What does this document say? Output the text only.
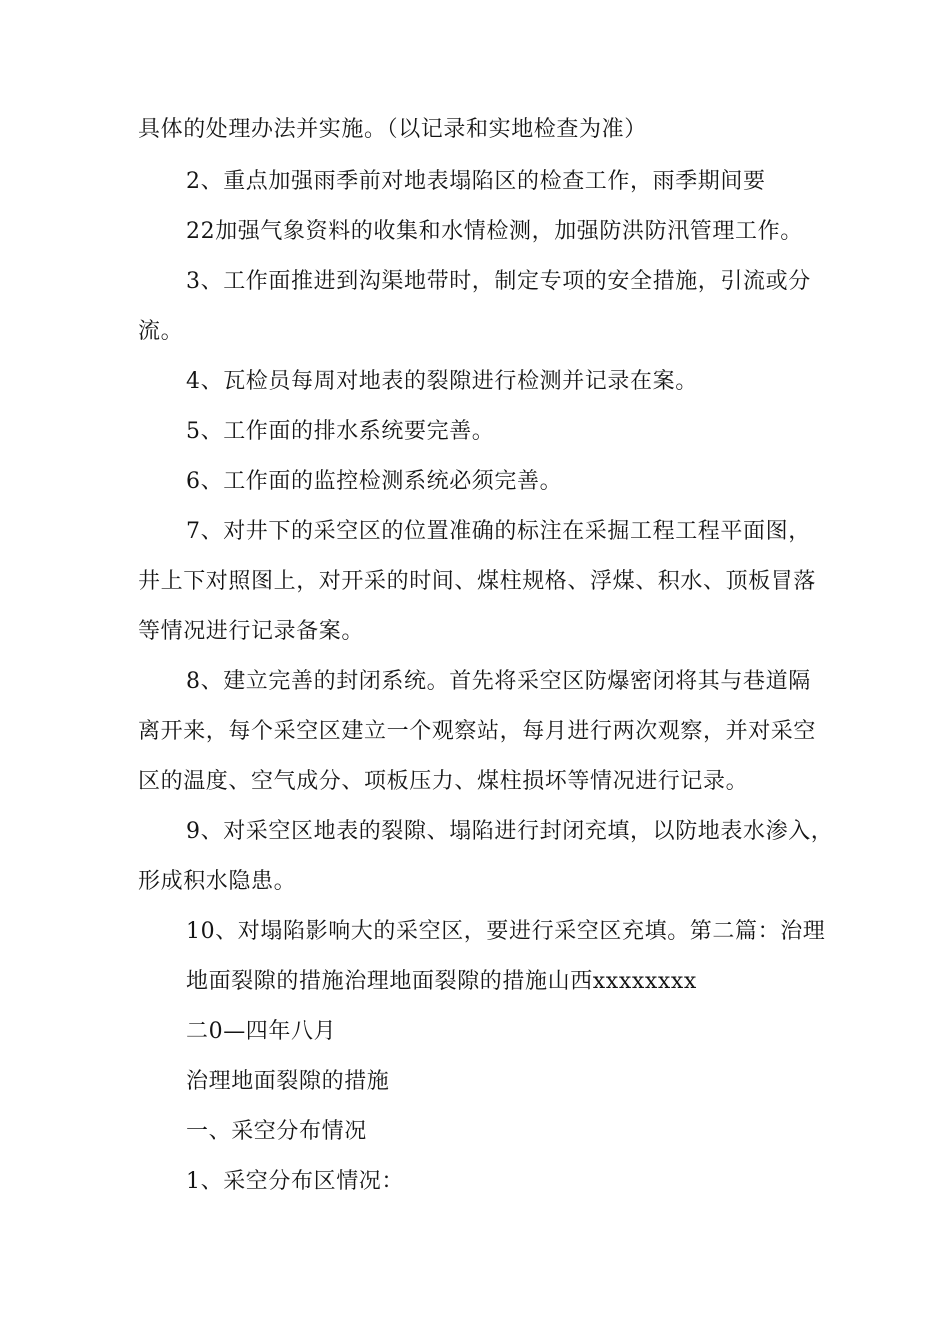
具体的处理办法并实施。（以记录和实地检查为准）

2、重点加强雨季前对地表塌陷区的检查工作，雨季期间要

22加强气象资料的收集和水情检测，加强防洪防汛管理工作。

3、工作面推进到沟渠地带时，制定专项的安全措施，引流或分

流。

4、瓦检员每周对地表的裂隙进行检测并记录在案。

5、工作面的排水系统要完善。

6、工作面的监控检测系统必须完善。

7、对井下的采空区的位置准确的标注在采掘工程工程平面图，

井上下对照图上，对开采的时间、煤柱规格、浮煤、积水、顶板冒落

等情况进行记录备案。

8、建立完善的封闭系统。首先将采空区防爆密闭将其与巷道隔

离开来，每个采空区建立一个观察站，每月进行两次观察，并对采空

区的温度、空气成分、项板压力、煤柱损坏等情况进行记录。

9、对采空区地表的裂隙、塌陷进行封闭充填，以防地表水渗入，

形成积水隐患。

10、对塌陷影响大的采空区，要进行采空区充填。第二篇：治理

地面裂隙的措施治理地面裂隙的措施山西xxxxxxxx

二0—四年八月

治理地面裂隙的措施

一、采空分布情况

1、采空分布区情况：
